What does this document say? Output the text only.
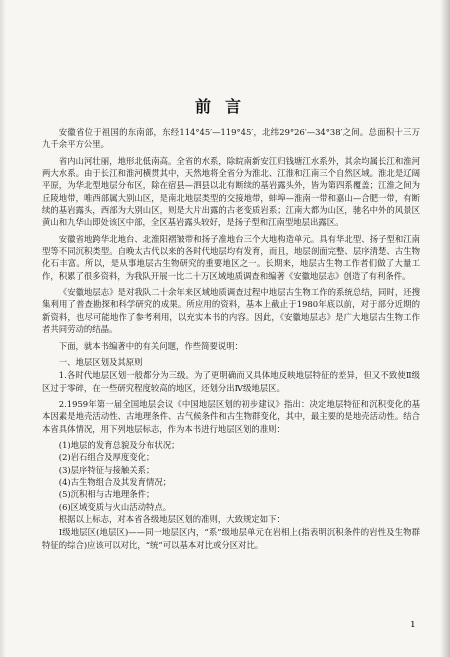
前言

安徽省位于祖国的东南部，东经114°45′—119°45′，北纬29°26′—34°38′之间。总面积十三万九千余平方公里。

省内山河壮丽，地形北低南高。全省的水系，除皖南新安江归钱塘江水系外，其余均属长江和淮河两大水系。由于长江和淮河横贯其中，天然地将全省分为淮北、江淮和江南三个自然区域。淮北是辽阔平原，为华北型地层分布区，除在宿县—泗县以北有断续的基岩露头外，皆为第四系覆盖；江淮之间为丘陵地带，唯西部属大别山区，是南北地层类型的交接地带，蚌埠—淮南一带和嘉山—合肥一带，有断续的基岩露头，西部为大别山区，则是大片出露的古老变质岩系；江南大都为山区，驰名中外的风景区黄山和九华山即处该区中部，全区基岩露头较好，是扬子型和江南型地层出露区。

安徽省地跨华北地台、北淮阳褶皱带和扬子准地台三个大地构造单元。具有华北型、扬子型和江南型等不同沉积类型。自晚太古代以来的各时代地层均有发育，而且，地层剖面完整、层序清楚、古生物化石丰富。所以，是从事地层古生物研究的重要地区之一。长期来，地层古生物工作者们做了大量工作，积累了很多资料，为我队开展一比二十万区域地质调查和编著《安徽地层志》创造了有利条件。

《安徽地层志》是对我队二十余年来区域地质调查过程中地层古生物工作的系统总结，同时，还搜集利用了普查勘探和科学研究的成果。所应用的资料，基本上截止于1980年底以前，对于部分近期的新资料，也尽可能地作了参考利用，以充实本书的内容。因此，《安徽地层志》是广大地层古生物工作者共同劳动的结晶。

下面，就本书编著中的有关问题，作些简要说明：

一、地层区划及其原则

1.各时代地层区划一般都分为三级。为了更明确而又具体地反映地层特征的差异，但又不致使Ⅱ级区过于零碎，在一些研究程度较高的地区，还划分出Ⅳ级地层区。

2.1959年第一届全国地层会议《中国地层区划的初步建议》指出：决定地层特征和沉积变化的基本因素是地壳活动性、古地理条件、古气候条件和古生物群变化，其中，最主要的是地壳活动性。结合本省具体情况，用下列地层标志，作为本书进行地层区划的准则：

(1)地层的发育总貌及分布状况；

(2)岩石组合及厚度变化；

(3)层序特征与接触关系；

(4)古生物组合及其发育情况；

(5)沉积相与古地理条件；

(6)区域变质与火山活动特点。

根据以上标志，对本省各级地层区划的准则，大致规定如下：

Ⅰ级地层区(地层区)——同一地层区内，“系”级地层单元在岩相上(指表明沉积条件的岩性及生物群特征的综合)应该可以对比，“统”可以基本对比或分区对比。

ı
